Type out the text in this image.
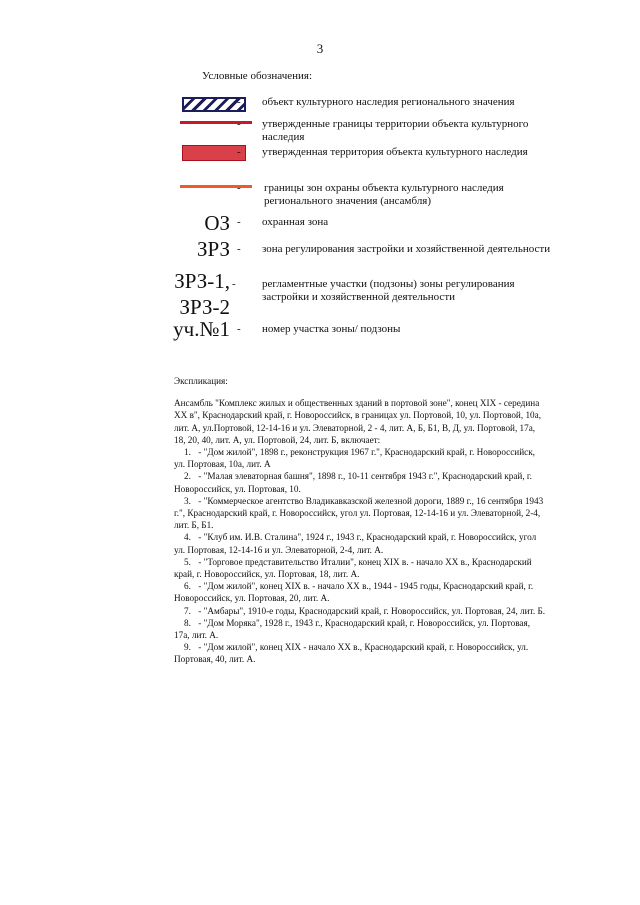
3
Условные обозначения:
- объект культурного наследия регионального значения
- утвержденные границы территории объекта культурного наследия
- утвержденная территория объекта культурного наследия
- границы зон охраны объекта культурного наследия регионального значения (ансамбля)
ОЗ - охранная зона
ЗРЗ - зона регулирования застройки и хозяйственной деятельности
ЗРЗ-1,
ЗРЗ-2
- регламентные участки (подзоны) зоны регулирования застройки и хозяйственной деятельности
уч.№1 - номер участка зоны/ подзоны
Экспликация:

Ансамбль "Комплекс жилых и общественных зданий в портовой зоне", конец XIX - середина XX в", Краснодарский край, г. Новороссийск, в границах ул. Портовой, 10, ул. Портовой, 10а, лит. А, ул.Портовой, 12-14-16 и ул. Элеваторной, 2 - 4, лит. А, Б, Б1, В, Д, ул. Портовой, 17а, 18, 20, 40, лит. А, ул. Портовой, 24, лит. Б, включает:

1. - "Дом жилой", 1898 г., реконструкция 1967 г.", Краснодарский край, г. Новороссийск, ул. Портовая, 10а, лит. А

2. - "Малая элеваторная башня", 1898 г., 10-11 сентября 1943 г.", Краснодарский край, г. Новороссийск, ул. Портовая, 10.

3. - "Коммерческое агентство Владикавказской железной дороги, 1889 г., 16 сентября 1943 г.", Краснодарский край, г. Новороссийск, угол ул. Портовая, 12-14-16 и ул. Элеваторной, 2-4, лит. Б, Б1.

4. - "Клуб им. И.В. Сталина", 1924 г., 1943 г., Краснодарский край, г. Новороссийск, угол ул. Портовая, 12-14-16 и ул. Элеваторной, 2-4, лит. А.

5. - "Торговое представительство Италии", конец XIX в. - начало XX в., Краснодарский край, г. Новороссийск, ул. Портовая, 18, лит. А.

6. - "Дом жилой", конец XIX в. - начало XX в., 1944 - 1945 годы, Краснодарский край, г. Новороссийск, ул. Портовая, 20, лит. А.

7. - "Амбары", 1910-е годы, Краснодарский край, г. Новороссийск, ул. Портовая, 24, лит. Б.

8. - "Дом Моряка", 1928 г., 1943 г., Краснодарский край, г. Новороссийск, ул. Портовая, 17а, лит. А.

9. - "Дом жилой", конец XIX - начало XX в., Краснодарский край, г. Новороссийск, ул. Портовая, 40, лит. А.
